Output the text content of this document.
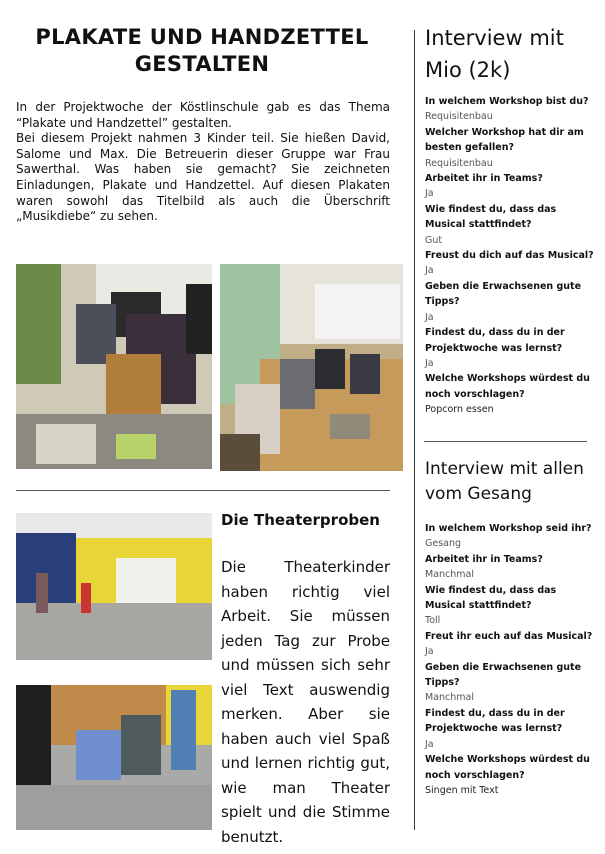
PLAKATE UND HANDZETTEL GESTALTEN

In der Projektwoche der Köstlinschule gab es das Thema “Plakate und Handzettel” gestalten.

Bei diesem Projekt nahmen 3 Kinder teil. Sie hießen David, Salome und Max. Die Betreuerin dieser Gruppe war Frau Sawerthal. Was haben sie gemacht? Sie zeichneten Einladungen, Plakate und Handzettel. Auf diesen Plakaten waren sowohl das Titelbild als auch die Überschrift „Musikdiebe“ zu sehen.

Die Theaterproben
Die Theaterkinder haben richtig viel Arbeit. Sie müssen jeden Tag zur Probe und müssen sich sehr viel Text auswendig merken. Aber sie haben auch viel Spaß und lernen richtig gut, wie man Theater spielt und die Stimme benutzt.
Interview mit Mio (2k)
In welchem Workshop bist du?
Requisitenbau
Welcher Workshop hat dir am besten gefallen?
Requisitenbau
Arbeitet ihr in Teams?
Ja
Wie findest du, dass das Musical stattfindet?
Gut
Freust du dich auf das Musical?
Ja
Geben die Erwachsenen gute Tipps?
Ja
Findest du, dass du in der Projektwoche was lernst?
Ja
Welche Workshops würdest du noch vorschlagen?
Popcorn essen
Interview mit allen vom Gesang
In welchem Workshop seid ihr?
Gesang
Arbeitet ihr in Teams?
Manchmal
Wie findest du, dass das Musical stattfindet?
Toll
Freut ihr euch auf das Musical?
Ja
Geben die Erwachsenen gute Tipps?
Manchmal
Findest du, dass du in der Projektwoche was lernst?
Ja
Welche Workshops würdest du noch vorschlagen?
Singen mit Text
